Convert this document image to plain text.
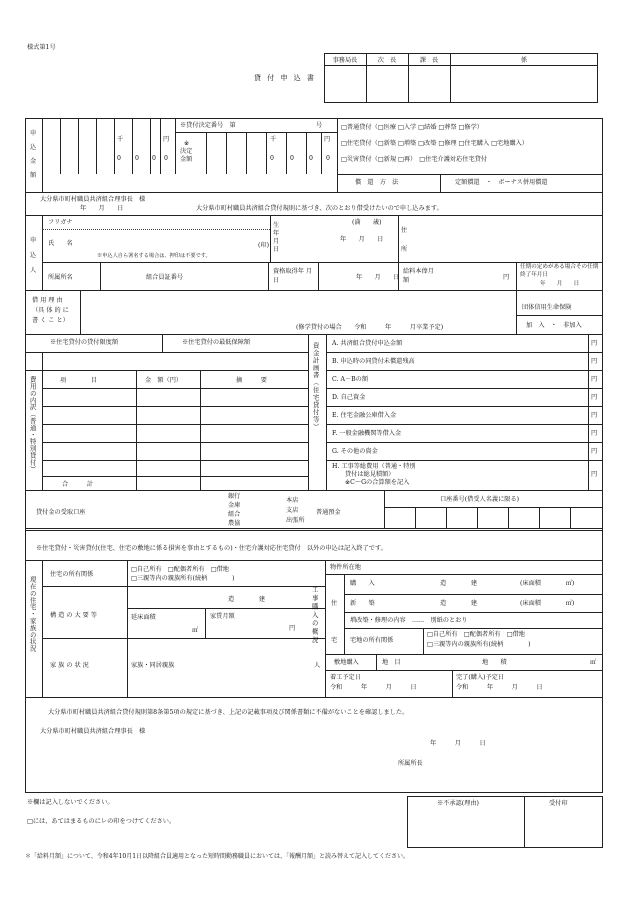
様式第1号
貸 付 申 込 書
事務局長	次　長	課　長	係
申
込
金
額
千	円
0 0 0 0
※貸付決定番号　第	号
※
決定
金額
千	円
0	0 0 0
□普通貸付（□医療 □入学 □結婚 □葬祭 □修学）
□住宅貸付（□新築 □増築 □改築 □修理 □住宅購入 □宅地購入）
□災害貸付（□新規 □再）　□住宅介護対応住宅貸付
償　還　方　法	定額償還　・　ボーナス併用償還
大分県市町村職員共済組合理事長　様
年　　月　　日	大分県市町村職員共済組合貸付規則に基づき、次のとおり借受けたいので申し込みます。
申
込
人
フリガナ
氏　　名	(印)
※申込人自ら署名する場合は、押印は不要です。
生年月日
(満　　歳)
年　　月　　日
住所
所属所名	組合員証番号
資格取得年 月 日	年　　月　　日
給料本俸月　　額	円
任期の定めがある場合その任期終了年月日
年　　月　　日
借 用 理 由
（具 体 的 に
書 く こ と）
団体信用生命保険
加　入　・　非加入
(修学貸付の場合　　令和　　　年　　　月卒業予定)
※住宅貸付の貸付限度額	※住宅貸付の最低保障額
費用の内訳（普通・特別貸付）	項　　　　目	金　額（円）	摘　　　要
合　　　計
資金計画書（住宅貸付等） A. 共済組合貸付申込金額	円
B. 申込時の同貸付未償還残高	円
C. A－Bの額	円
D. 自己資金	円
E. 住宅金融公庫借入金	円
F. 一般金融機関等借入金	円
G. その他の資金	円
H. 工事等総費用（普通・特別
貸付は総見積額）
※C～Gの合算額を記入
円
貸付金の受取口座
銀行
金庫
組合
農協
本店
支店
出張所
普通預金
口座番号(借受人名義に限る)
※住宅貸付・災害貸付(住宅、住宅の敷地に係る損害を事由とするもの)・住宅介護対応住宅貸付　以外の申込は記入終了です。
現在の住宅・家族の状況
住宅の所有関係
□自己所有　□配偶者所有　□借地
□三親等内の親族所有(続柄　　　　)
構 造 の 大 要 等
造　　　　建
延床面積
㎡
家賃月額
円
家 族 の 状 況	家族・同居親族	人
工事購入の概況
物件所在地
住宅
購　　入	造　　　　建	(床面積　　　　㎡)
新　　築	造　　　　建	(床面積　　　　㎡)
増改築・修理の内容　……　別紙のとおり
宅地の所有関係
□自己所有　□配偶者所有　□借地
□三親等内の親族所有(続柄　　　　)
敷地購入	地　目	地　　積	㎡
着工予定日
令和　　　年　　　月　　　日
完了(購入)予定日
令和　　　年　　　月　　　日
大分県市町村職員共済組合貸付規則第8条第5項の規定に基づき、上記の記載事項及び関係書類に不備がないことを確認しました。
大分県市町村職員共済組合理事長　様
年　　　月　　　日
所属所長
※欄は記入しないでください。
□には、あてはまるものにレの印をつけてください。
※不承認(理由)	受付印
＊「給料月額」について、令和4年10月1日以降組合員適用となった短時間勤務職員においては、「報酬月額」と読み替えて記入してください。
